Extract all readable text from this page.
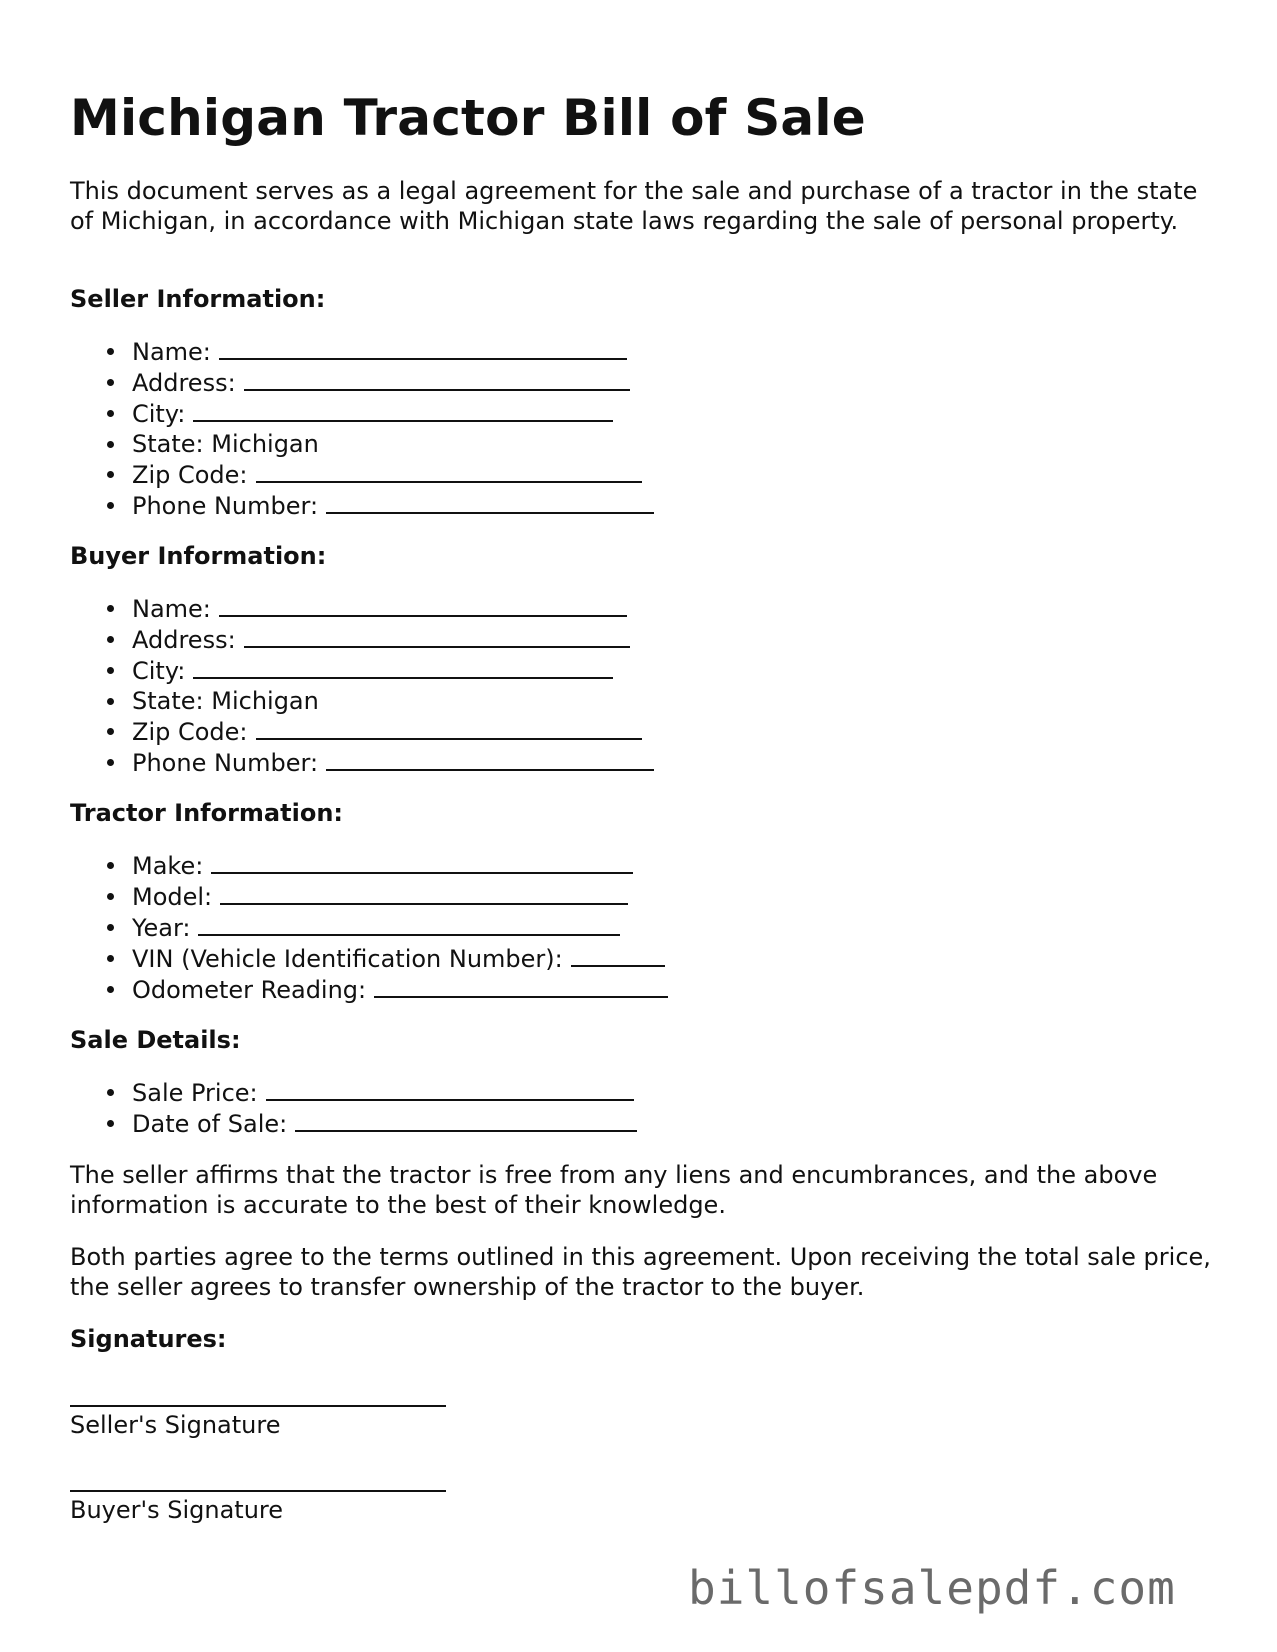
Michigan Tractor Bill of Sale

This document serves as a legal agreement for the sale and purchase of a tractor in the state of Michigan, in accordance with Michigan state laws regarding the sale of personal property.

Seller Information:
Name:
Address:
City:
State: Michigan
Zip Code:
Phone Number:
Buyer Information:
Name:
Address:
City:
State: Michigan
Zip Code:
Phone Number:
Tractor Information:
Make:
Model:
Year:
VIN (Vehicle Identification Number):
Odometer Reading:
Sale Details:
Sale Price:
Date of Sale:

The seller affirms that the tractor is free from any liens and encumbrances, and the above information is accurate to the best of their knowledge.

Both parties agree to the terms outlined in this agreement. Upon receiving the total sale price, the seller agrees to transfer ownership of the tractor to the buyer.

Signatures:
Seller's Signature
Buyer's Signature
billofsalepdf.com
